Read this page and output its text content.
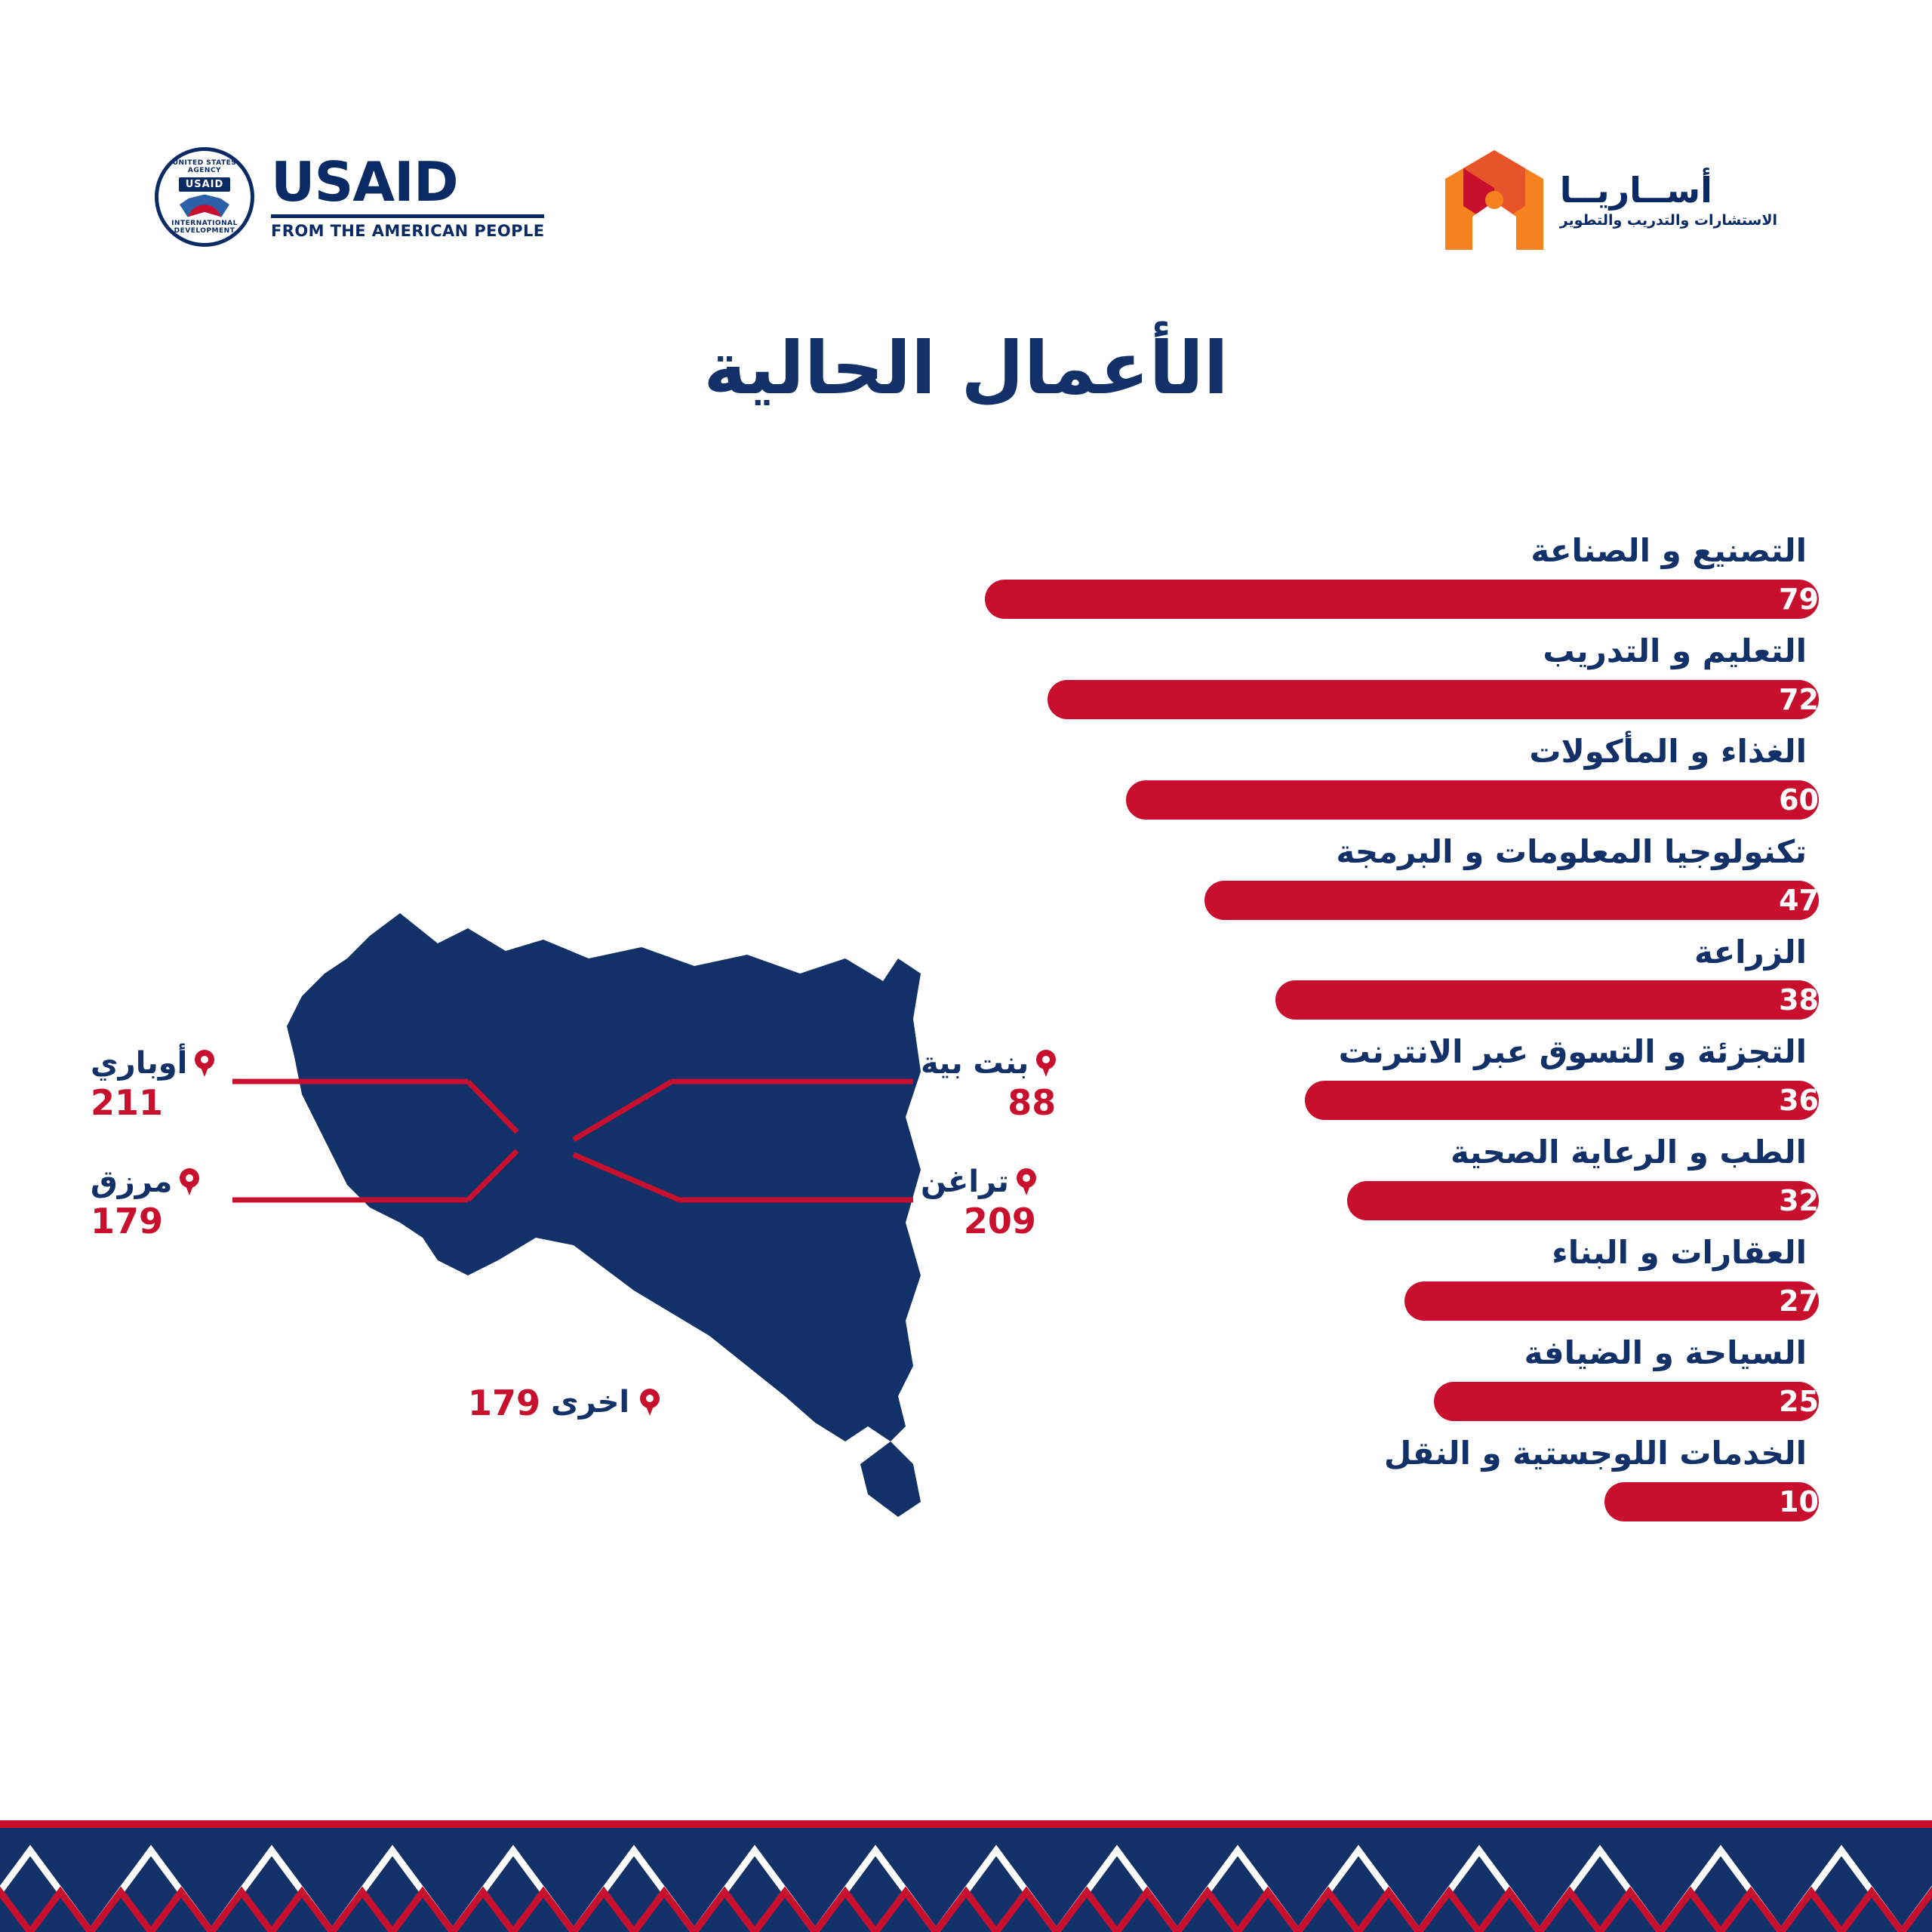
UNITED STATES AGENCY
USAID
INTERNATIONAL DEVELOPMENT
USAID
FROM THE AMERICAN PEOPLE
أســاريــا
الاستشارات والتدريب والتطوير
الأعمال الحالية
التصنيع و الصناعة
79
التعليم و التدريب
72
الغذاء و المأكولات
60
تكنولوجيا المعلومات و البرمجة
47
الزراعة
38
التجزئة و التسوق عبر الانترنت
36
الطب و الرعاية الصحية
32
العقارات و البناء
27
السياحة و الضيافة
25
الخدمات اللوجستية و النقل
10
أوباري
211
مرزق
179
بنت بية
88
تراغن
209
اخرى
179
